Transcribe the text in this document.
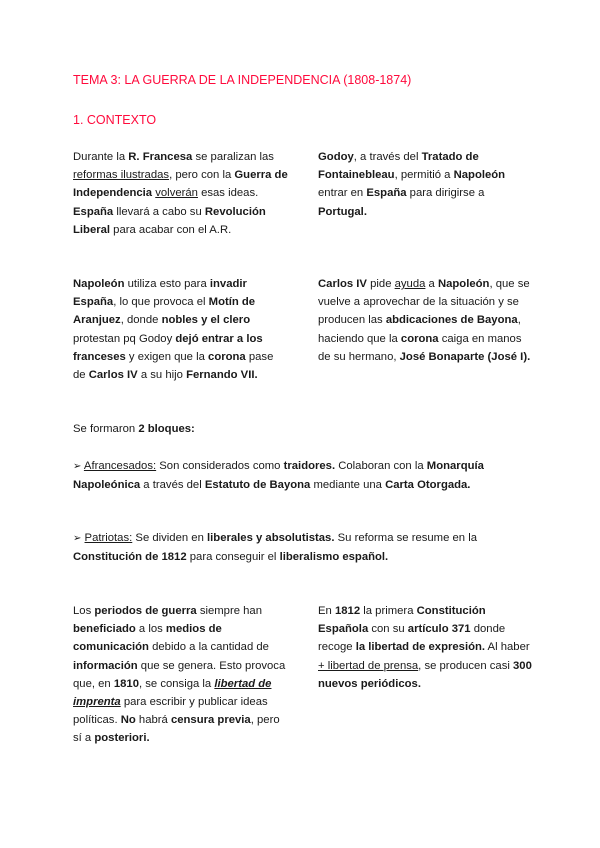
TEMA 3: LA GUERRA DE LA INDEPENDENCIA (1808-1874)
1. CONTEXTO

Durante la R. Francesa se paralizan las reformas ilustradas, pero con la Guerra de Independencia volverán esas ideas. España llevará a cabo su Revolución Liberal para acabar con el A.R.

Godoy, a través del Tratado de Fontainebleau, permitió a Napoleón entrar en España para dirigirse a Portugal.

Napoleón utiliza esto para invadir España, lo que provoca el Motín de Aranjuez, donde nobles y el clero protestan pq Godoy dejó entrar a los franceses y exigen que la corona pase de Carlos IV a su hijo Fernando VII.

Carlos IV pide ayuda a Napoleón, que se vuelve a aprovechar de la situación y se producen las abdicaciones de Bayona, haciendo que la corona caiga en manos de su hermano, José Bonaparte (José I).

Se formaron 2 bloques:

➢ Afrancesados: Son considerados como traidores. Colaboran con la Monarquía Napoleónica a través del Estatuto de Bayona mediante una Carta Otorgada.

➢ Patriotas: Se dividen en liberales y absolutistas. Su reforma se resume en la Constitución de 1812 para conseguir el liberalismo español.

Los periodos de guerra siempre han beneficiado a los medios de comunicación debido a la cantidad de información que se genera. Esto provoca que, en 1810, se consiga la libertad de imprenta para escribir y publicar ideas políticas. No habrá censura previa, pero sí a posteriori.

En 1812 la primera Constitución Española con su artículo 371 donde recoge la libertad de expresión. Al haber + libertad de prensa, se producen casi 300 nuevos periódicos.
